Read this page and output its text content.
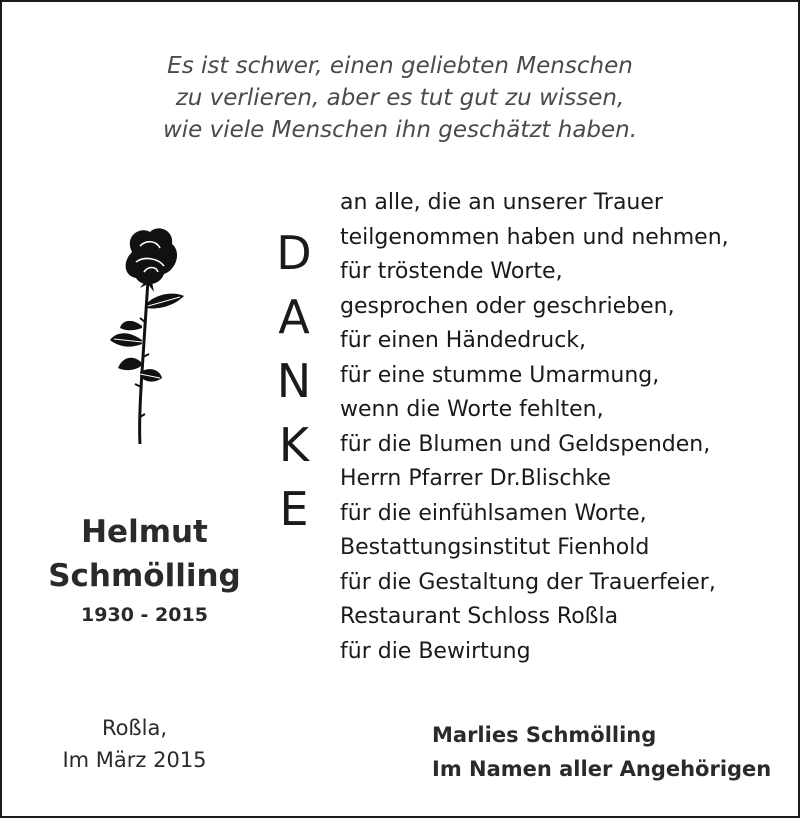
Es ist schwer, einen geliebten Menschen
zu verlieren, aber es tut gut zu wissen,
wie viele Menschen ihn geschätzt haben.
Helmut
Schmölling
1930 - 2015
D
A
N
K
E
an alle, die an unserer Trauer
teilgenommen haben und nehmen,
für tröstende Worte,
gesprochen oder geschrieben,
für einen Händedruck,
für eine stumme Umarmung,
wenn die Worte fehlten,
für die Blumen und Geldspenden,
Herrn Pfarrer Dr.Blischke
für die einfühlsamen Worte,
Bestattungsinstitut Fienhold
für die Gestaltung der Trauerfeier,
Restaurant Schloss Roßla
für die Bewirtung
Roßla,
Im März 2015
Marlies Schmölling
Im Namen aller Angehörigen
